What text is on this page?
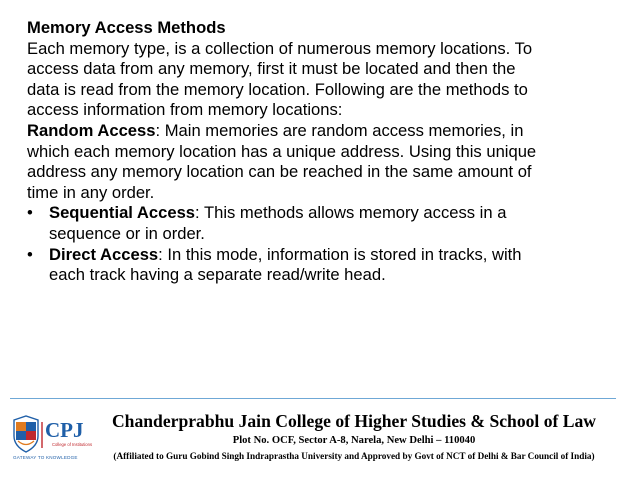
Memory Access Methods
Each memory type, is a collection of numerous memory locations. To
access data from any memory, first it must be located and then the
data is read from the memory location. Following are the methods to
access information from memory locations:
Random Access: Main memories are random access memories, in
which each memory location has a unique address. Using this unique
address any memory location can be reached in the same amount of
time in any order.
• Sequential Access: This methods allows memory access in a
sequence or in order.
• Direct Access: In this mode, information is stored in tracks, with
each track having a separate read/write head.
CPJ
College of Institutions
GATEWAY TO KNOWLEDGE
Chanderprabhu Jain College of Higher Studies & School of Law
Plot No. OCF, Sector A-8, Narela, New Delhi – 110040
(Affiliated to Guru Gobind Singh Indraprastha University and Approved by Govt of NCT of Delhi & Bar Council of India)
